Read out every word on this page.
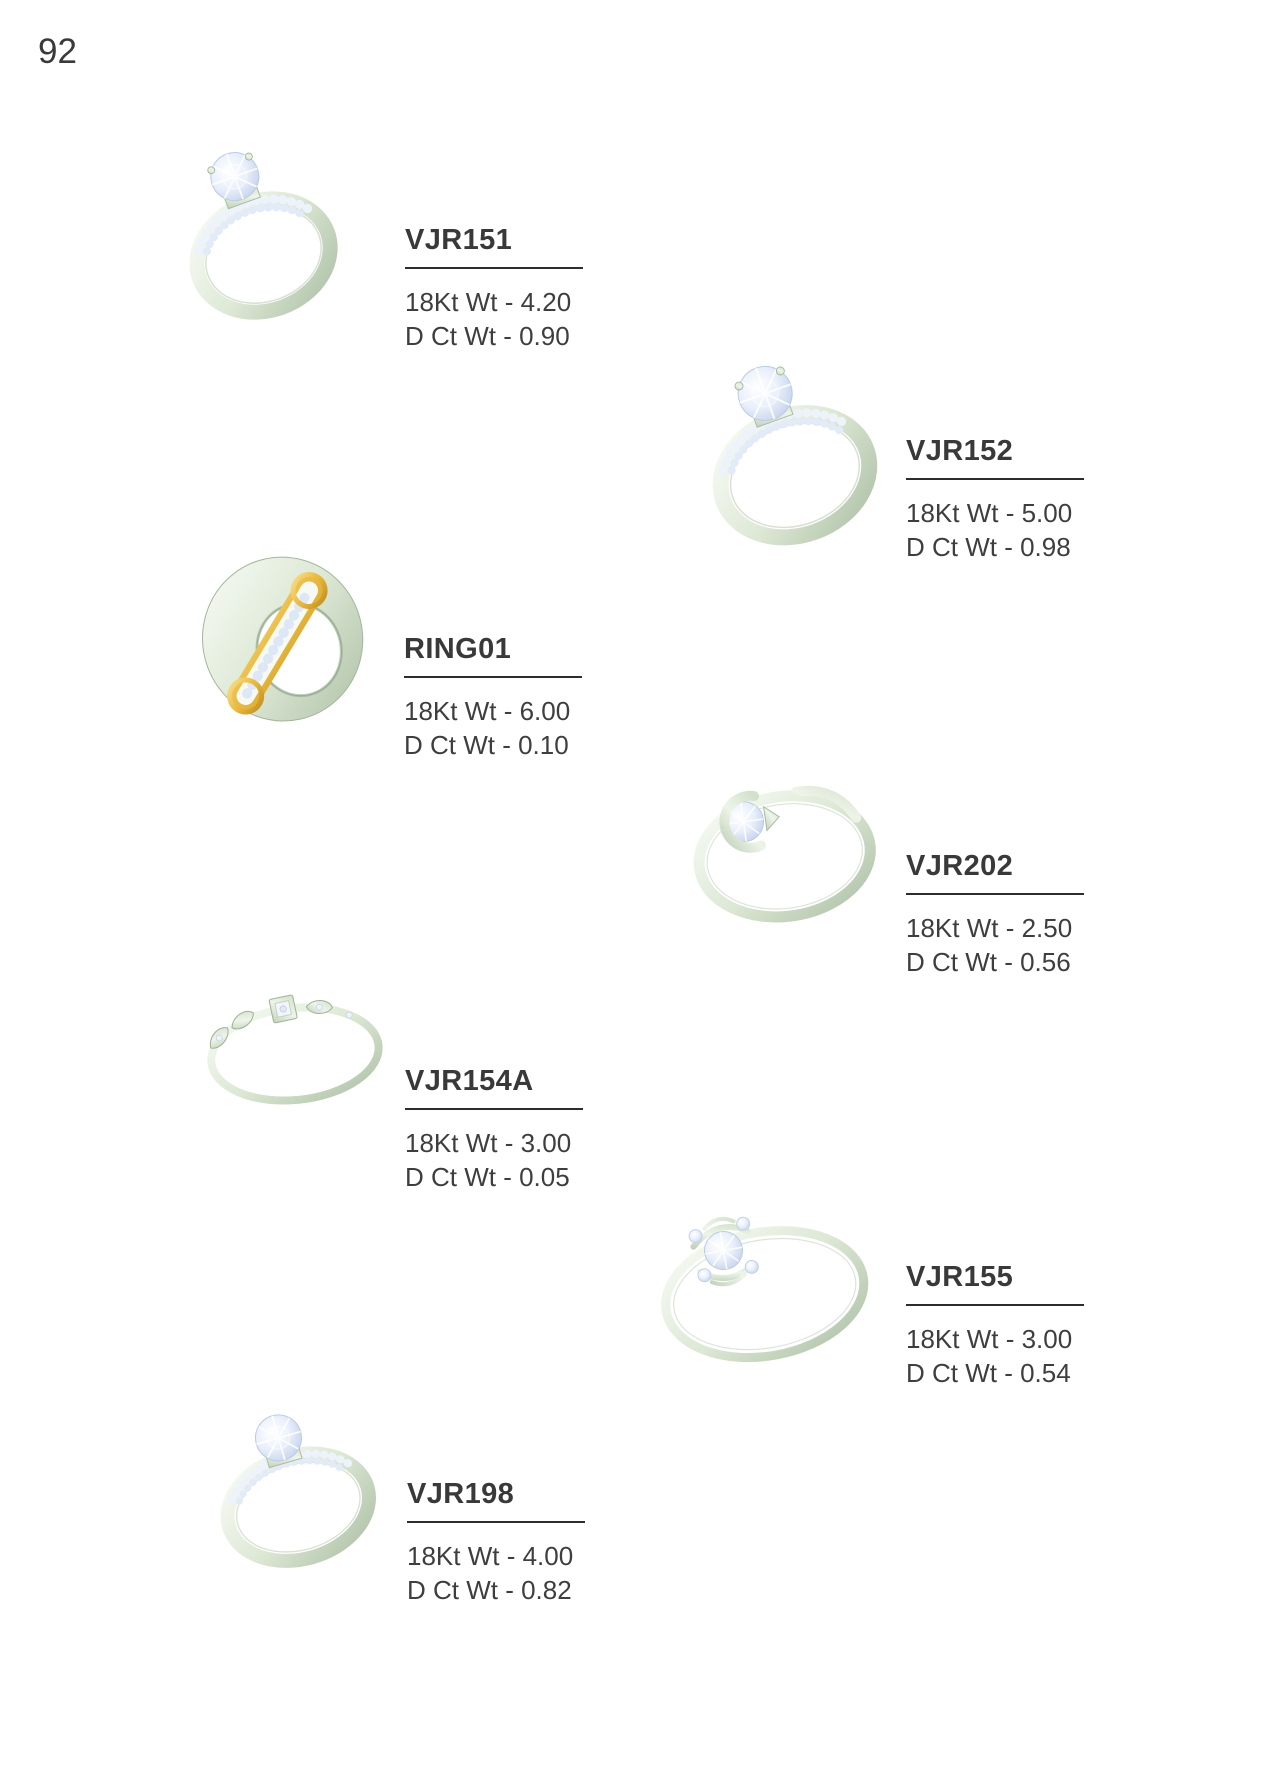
92
VJR151
18Kt Wt - 4.20
D Ct Wt - 0.90
VJR152
18Kt Wt - 5.00
D Ct Wt - 0.98
RING01
18Kt Wt - 6.00
D Ct Wt - 0.10
VJR202
18Kt Wt - 2.50
D Ct Wt - 0.56
VJR154A
18Kt Wt - 3.00
D Ct Wt - 0.05
VJR155
18Kt Wt - 3.00
D Ct Wt - 0.54
VJR198
18Kt Wt - 4.00
D Ct Wt - 0.82
